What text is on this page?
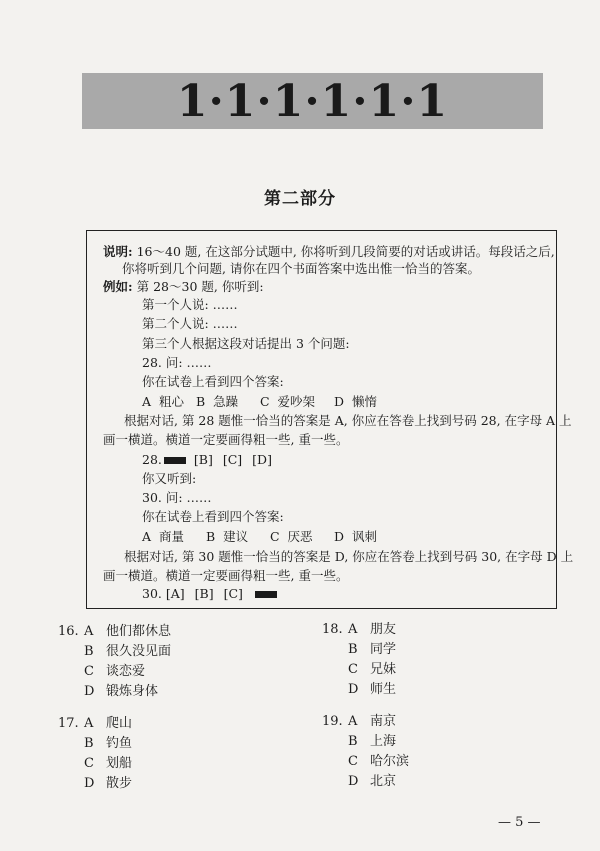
1·1·1·1·1·1
第二部分
说明: 16～40 题, 在这部分试题中, 你将听到几段简要的对话或讲话。每段话之后,
你将听到几个问题, 请你在四个书面答案中选出惟一恰当的答案。
例如: 第 28～30 题, 你听到:
第一个人说: ……
第二个人说: ……
第三个人根据这段对话提出 3 个问题:
28. 问: ……
你在试卷上看到四个答案:
A 粗心 B 急躁 C 爱吵架 D 懒惰
根据对话, 第 28 题惟一恰当的答案是 A, 你应在答卷上找到号码 28, 在字母 A 上
画一横道。横道一定要画得粗一些, 重一些。
28.	[B] [C] [D]
你又听到:
30. 问: ……
你在试卷上看到四个答案:
A 商量 B 建议 C 厌恶 D 讽刺
根据对话, 第 30 题惟一恰当的答案是 D, 你应在答卷上找到号码 30, 在字母 D 上
画一横道。横道一定要画得粗一些, 重一些。
30. [A] [B] [C]
16. A 他们都休息
B 很久没见面
C 谈恋爱
D 锻炼身体
18. A 朋友
B 同学
C 兄妹
D 师生
17. A 爬山
B 钓鱼
C 划船
D 散步
19. A 南京
B 上海
C 哈尔滨
D 北京
— 5 —
